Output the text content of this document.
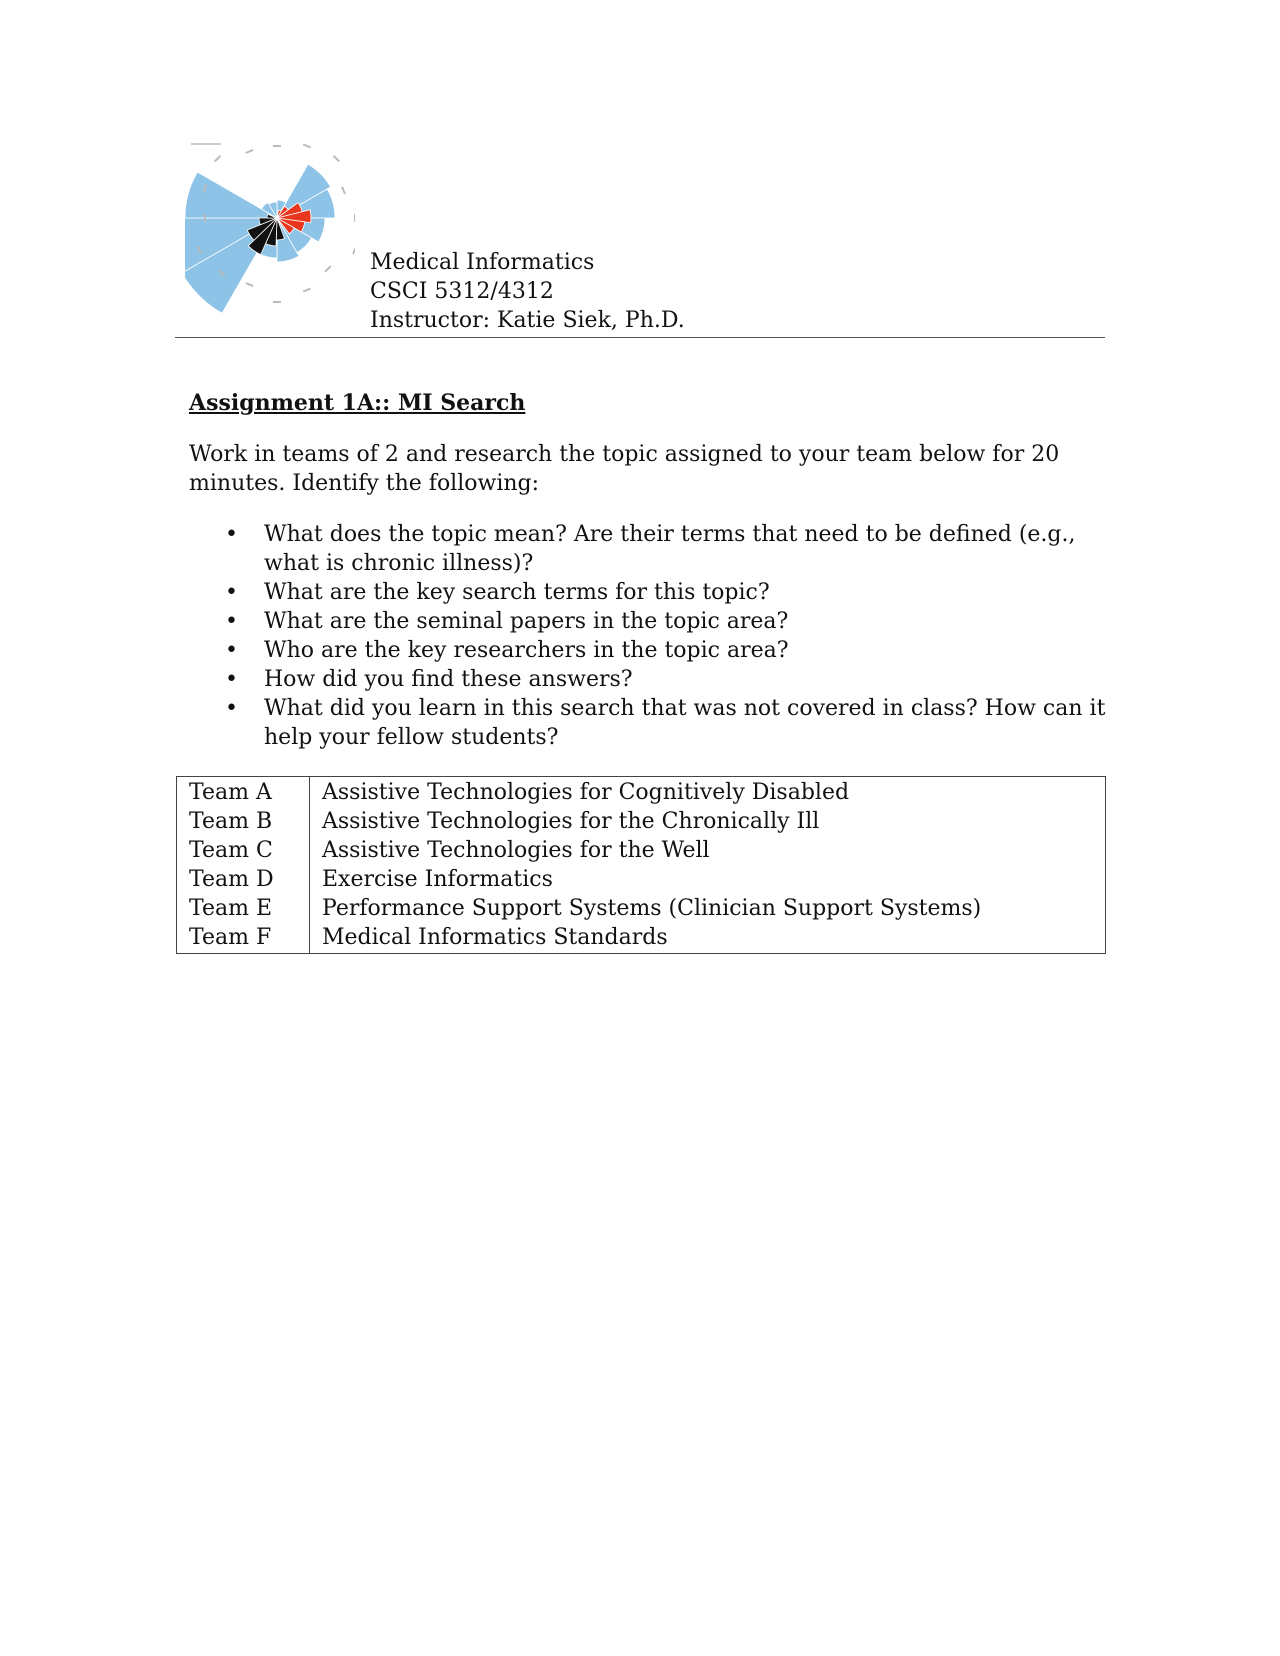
Medical Informatics
CSCI 5312/4312
Instructor: Katie Siek, Ph.D.
Assignment 1A:: MI Search
Work in teams of 2 and research the topic assigned to your team below for 20 minutes. Identify the following:
• What does the topic mean? Are their terms that need to be defined (e.g., what is chronic illness)?
• What are the key search terms for this topic?
• What are the seminal papers in the topic area?
• Who are the key researchers in the topic area?
• How did you find these answers?
• What did you learn in this search that was not covered in class? How can it help your fellow students?
Team A	Assistive Technologies for Cognitively Disabled
Team B	Assistive Technologies for the Chronically Ill
Team C	Assistive Technologies for the Well
Team D	Exercise Informatics
Team E	Performance Support Systems (Clinician Support Systems)
Team F	Medical Informatics Standards
